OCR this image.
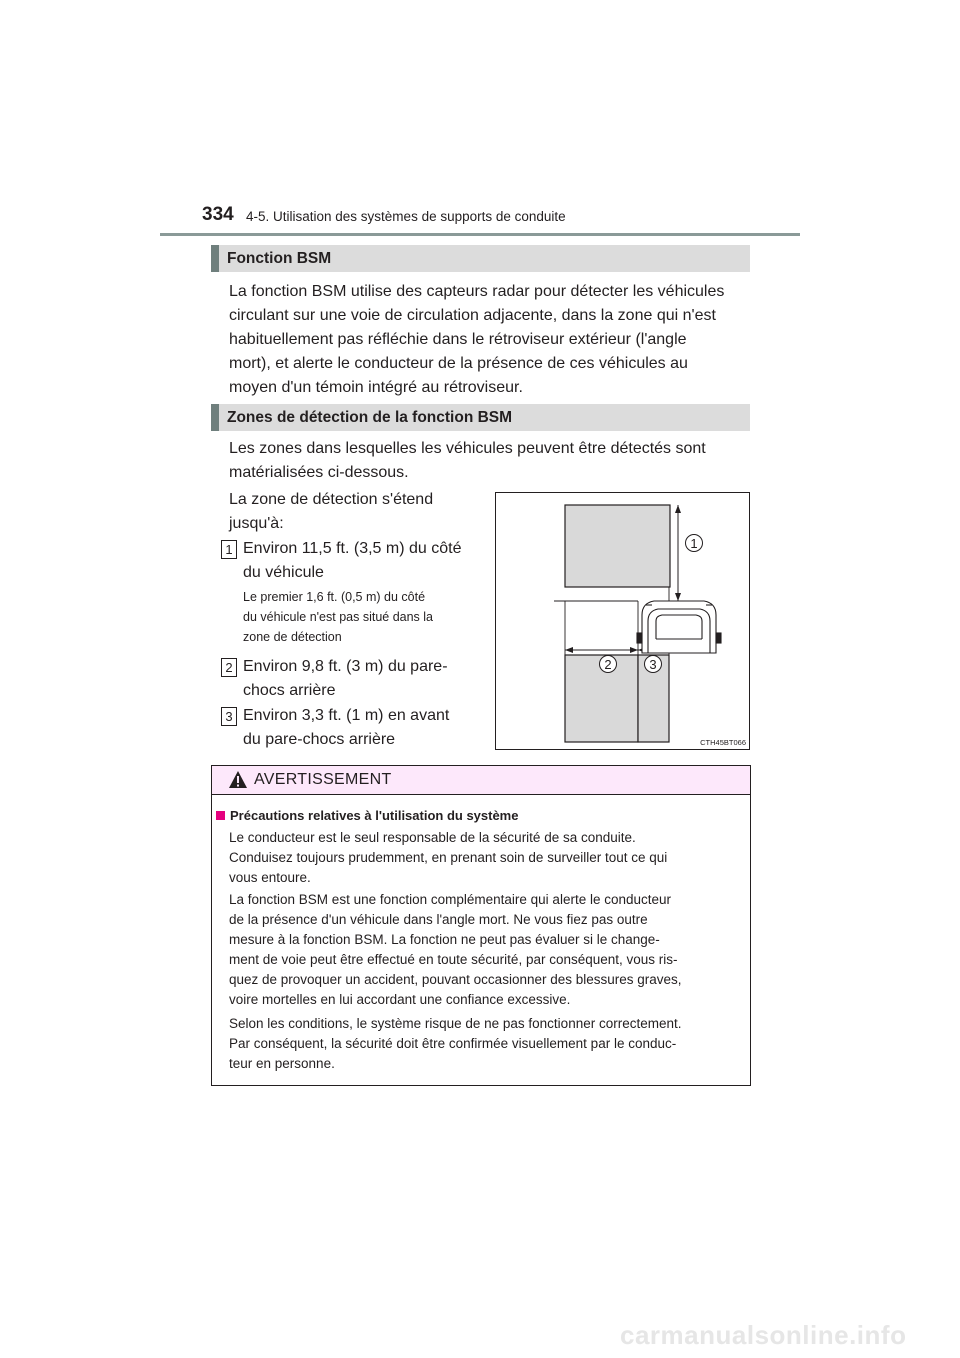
334 4-5. Utilisation des systèmes de supports de conduite
Fonction BSM
La fonction BSM utilise des capteurs radar pour détecter les véhicules
circulant sur une voie de circulation adjacente, dans la zone qui n'est
habituellement pas réfléchie dans le rétroviseur extérieur (l'angle
mort), et alerte le conducteur de la présence de ces véhicules au
moyen d'un témoin intégré au rétroviseur.
Zones de détection de la fonction BSM
Les zones dans lesquelles les véhicules peuvent être détectés sont
matérialisées ci-dessous.
La zone de détection s'étend
jusqu'à:
1 Environ 11,5 ft. (3,5 m) du côté
du véhicule
Le premier 1,6 ft. (0,5 m) du côté
du véhicule n'est pas situé dans la
zone de détection
2 Environ 9,8 ft. (3 m) du pare-
chocs arrière
3 Environ 3,3 ft. (1 m) en avant
du pare-chocs arrière
1
2	3
CTH45BT066
AVERTISSEMENT
Précautions relatives à l'utilisation du système
Le conducteur est le seul responsable de la sécurité de sa conduite.
Conduisez toujours prudemment, en prenant soin de surveiller tout ce qui
vous entoure.
La fonction BSM est une fonction complémentaire qui alerte le conducteur
de la présence d'un véhicule dans l'angle mort. Ne vous fiez pas outre
mesure à la fonction BSM. La fonction ne peut pas évaluer si le change-
ment de voie peut être effectué en toute sécurité, par conséquent, vous ris-
quez de provoquer un accident, pouvant occasionner des blessures graves,
voire mortelles en lui accordant une confiance excessive.
Selon les conditions, le système risque de ne pas fonctionner correctement.
Par conséquent, la sécurité doit être confirmée visuellement par le conduc-
teur en personne.
carmanualsonline.info
